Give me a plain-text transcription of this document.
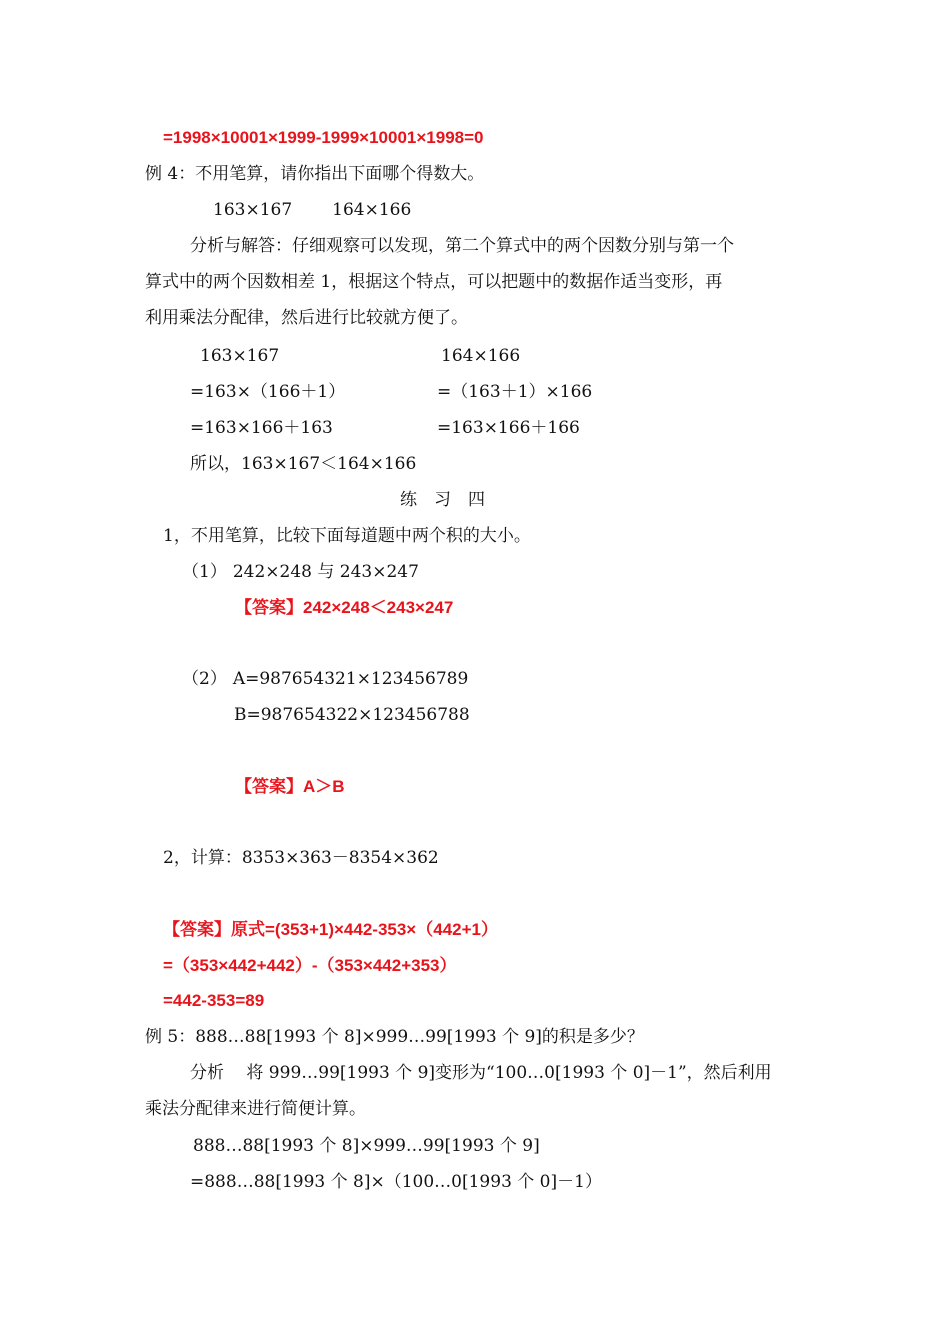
=1998×10001×1999-1999×10001×1998=0
例 4：不用笔算，请你指出下面哪个得数大。
163×167 164×166
分析与解答：仔细观察可以发现，第二个算式中的两个因数分别与第一个
算式中的两个因数相差 1，根据这个特点，可以把题中的数据作适当变形，再
利用乘法分配律，然后进行比较就方便了。
163×167	164×166
=163×（166＋1）	=（163＋1）×166
=163×166＋163	=163×166＋166
所以，163×167＜164×166
练　习　四
1，不用笔算，比较下面每道题中两个积的大小。
（1） 242×248 与 243×247
【答案】242×248＜243×247
（2） A=987654321×123456789
B=987654322×123456788
【答案】A＞B
2，计算：8353×363－8354×362
【答案】原式=(353+1)×442-353×（442+1）
=（353×442+442）-（353×442+353）
=442-353=89
例 5：888…88[1993 个 8]×999…99[1993 个 9]的积是多少？
分析　 将 999…99[1993 个 9]变形为“100…0[1993 个 0]－1”，然后利用
乘法分配律来进行简便计算。
888…88[1993 个 8]×999…99[1993 个 9]
=888…88[1993 个 8]×（100…0[1993 个 0]－1）
